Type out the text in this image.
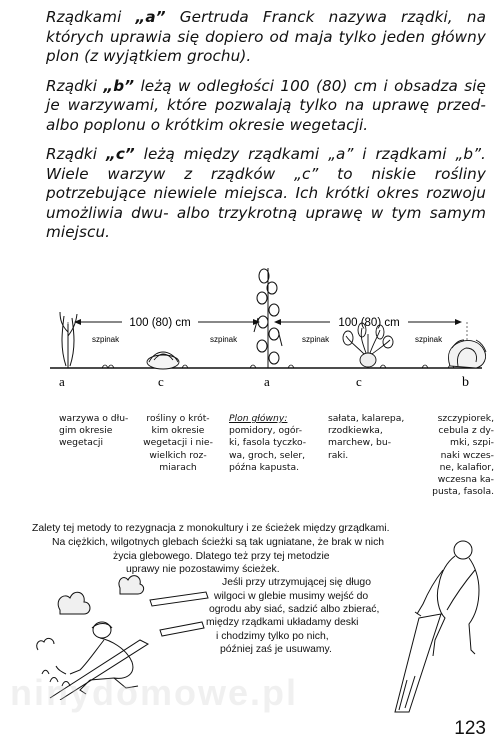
Rządkami „a” Gertruda Franck nazywa rządki, na których uprawia się dopiero od maja tylko jeden główny plon (z wyjątkiem grochu).

Rządki „b” leżą w odległości 100 (80) cm i obsadza się je warzywami, które pozwalają tylko na uprawę przed- albo poplonu o krótkim okresie wegetacji.

Rządki „c” leżą między rządkami „a” i rządkami „b”. Wiele warzyw z rządków „c” to niskie rośliny potrzebujące niewiele miejsca. Ich krótki okres rozwoju umożliwia dwu- albo trzykrotną uprawę w tym samym miejscu.

100 (80) cm	100 (80) cm
szpinak	szpinak	szpinak	szpinak
a	c	a	c	b
warzywa o dłu-
gim okresie
wegetacji
rośliny o krót-
kim okresie
wegetacji i nie-
wielkich roz-
miarach
Plon główny:
pomidory, ogór-
ki, fasola tyczko-
wa, groch, seler,
późna kapusta.
sałata, kalarepa,
rzodkiewka,
marchew, bu-
raki.
szczypiorek,
cebula z dy-
mki, szpi-
naki wczes-
ne, kalafior,
wczesna ka-
pusta, fasola.
Zalety tej metody to rezygnacja z monokultury i ze ścieżek między grządkami.
Na ciężkich, wilgotnych glebach ścieżki są tak ugniatane, że brak w nich
życia glebowego. Dlatego też przy tej metodzie
uprawy nie pozostawimy ścieżek.
Jeśli przy utrzymującej się długo
wilgoci w glebie musimy wejść do
ogrodu aby siać, sadzić albo zbierać,
między rządkami układamy deski
i chodzimy tylko po nich,
później zaś je usuwamy.
ninydomowe.pl
123
